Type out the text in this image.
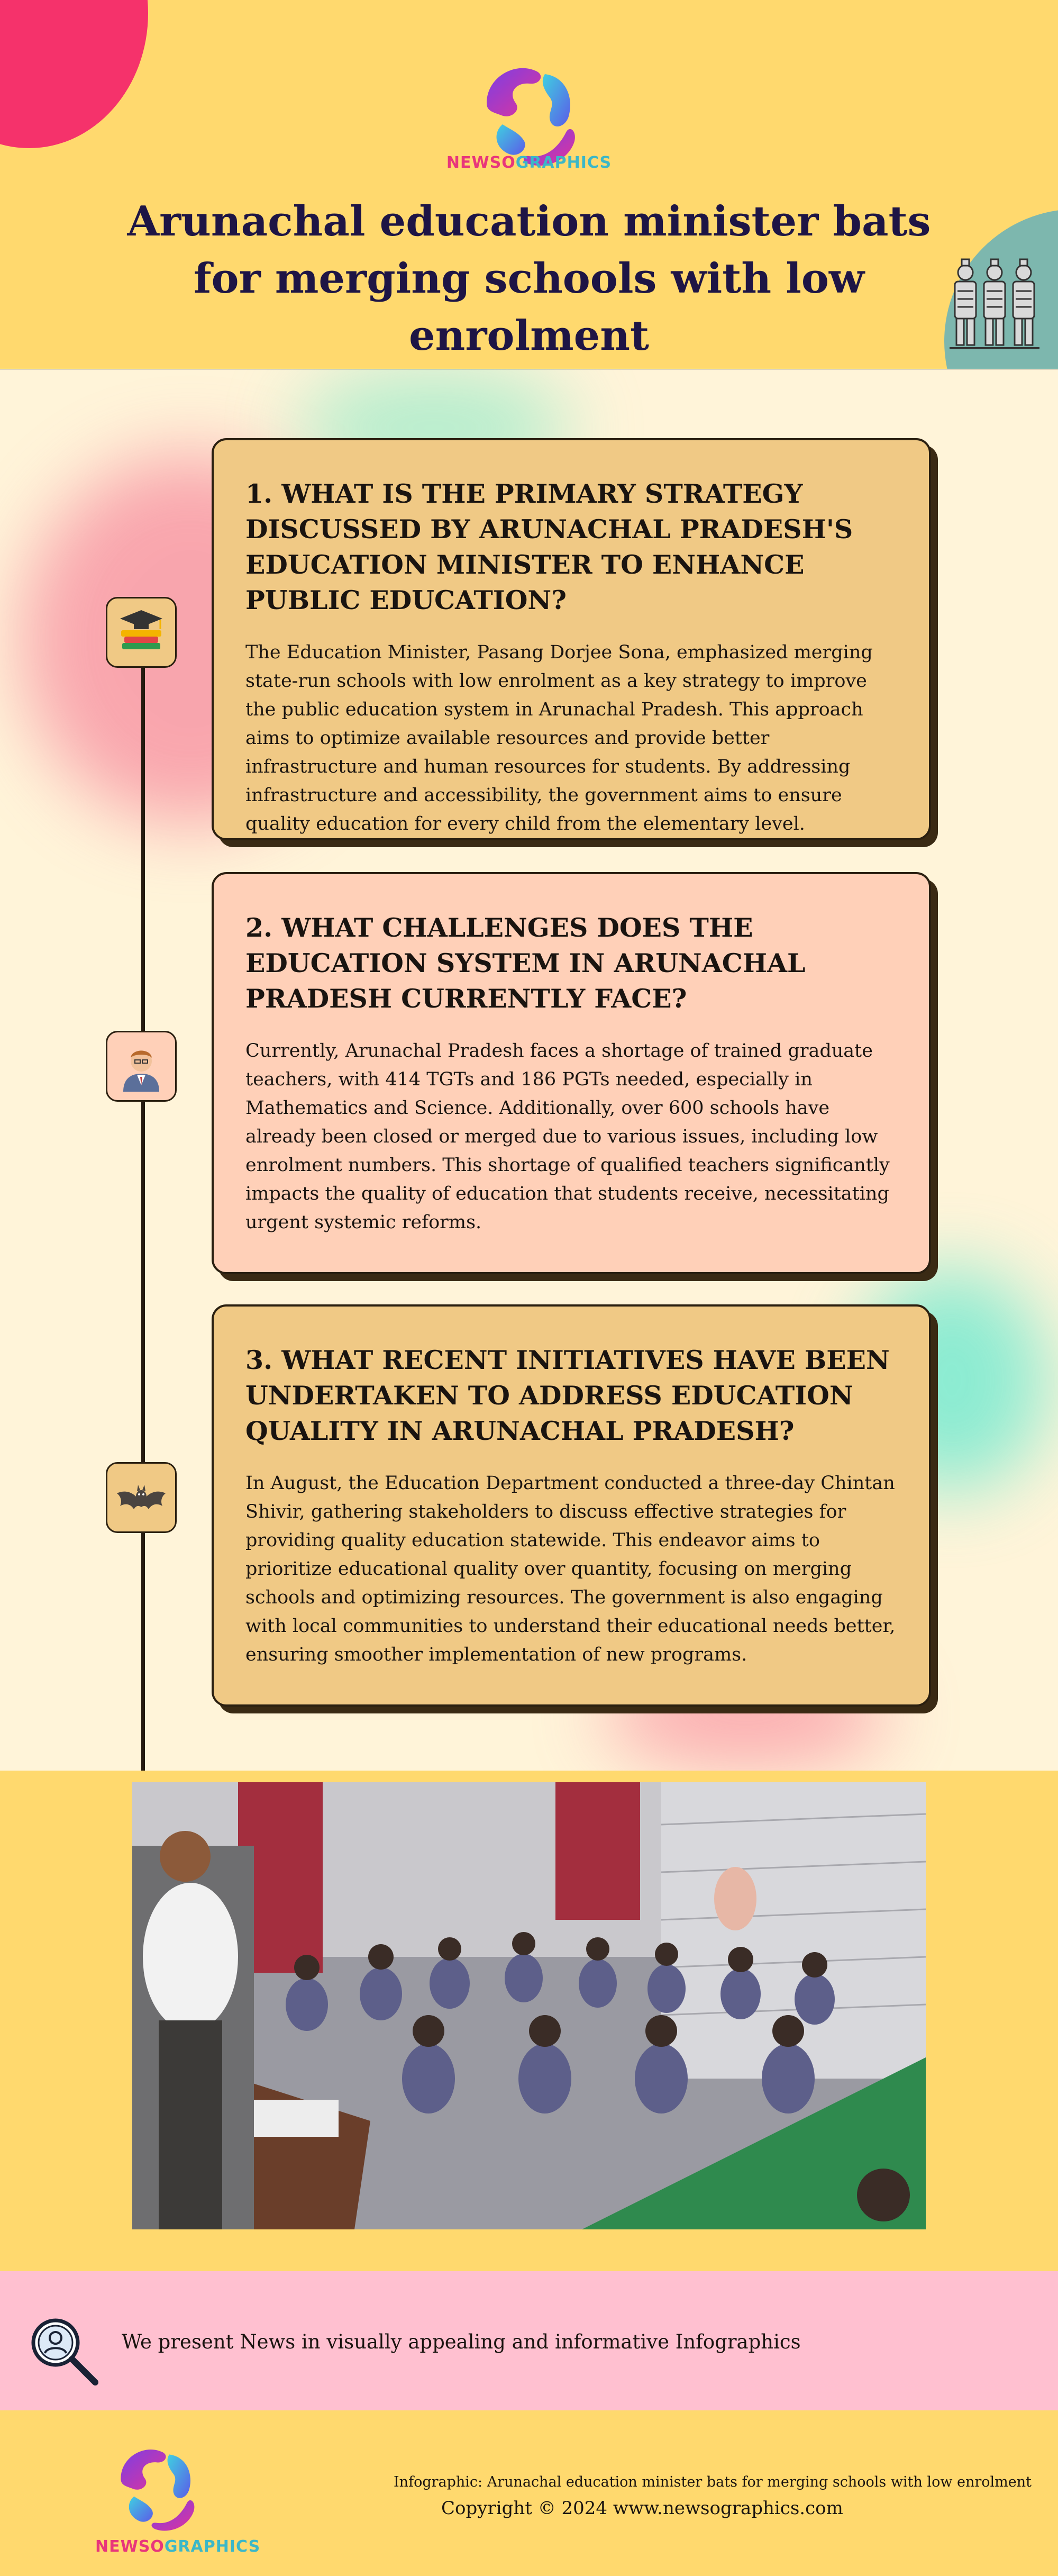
NEWSOGRAPHICS
Arunachal education minister bats for merging schools with low enrolment
1. WHAT IS THE PRIMARY STRATEGY DISCUSSED BY ARUNACHAL PRADESH'S EDUCATION MINISTER TO ENHANCE PUBLIC EDUCATION?

The Education Minister, Pasang Dorjee Sona, emphasized merging state-run schools with low enrolment as a key strategy to improve the public education system in Arunachal Pradesh. This approach aims to optimize available resources and provide better infrastructure and human resources for students. By addressing infrastructure and accessibility, the government aims to ensure quality education for every child from the elementary level.

2. WHAT CHALLENGES DOES THE EDUCATION SYSTEM IN ARUNACHAL PRADESH CURRENTLY FACE?

Currently, Arunachal Pradesh faces a shortage of trained graduate teachers, with 414 TGTs and 186 PGTs needed, especially in Mathematics and Science. Additionally, over 600 schools have already been closed or merged due to various issues, including low enrolment numbers. This shortage of qualified teachers significantly impacts the quality of education that students receive, necessitating urgent systemic reforms.

3. WHAT RECENT INITIATIVES HAVE BEEN UNDERTAKEN TO ADDRESS EDUCATION QUALITY IN ARUNACHAL PRADESH?

In August, the Education Department conducted a three-day Chintan Shivir, gathering stakeholders to discuss effective strategies for providing quality education statewide. This endeavor aims to prioritize educational quality over quantity, focusing on merging schools and optimizing resources. The government is also engaging with local communities to understand their educational needs better, ensuring smoother implementation of new programs.

We present News in visually appealing and informative Infographics
NEWSOGRAPHICS
Infographic: Arunachal education minister bats for merging schools with low enrolment
Copyright © 2024 www.newsographics.com
